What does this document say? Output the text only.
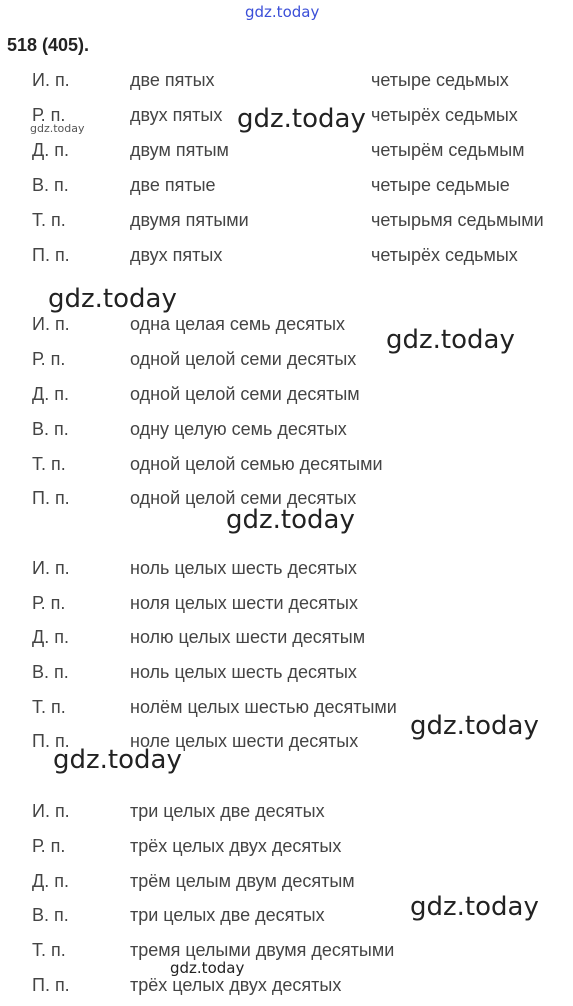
gdz.today
518 (405).
И. п.	две пятых	четыре седьмых
Р. п.	двух пятых	четырёх седьмых
Д. п.	двум пятым	четырём седьмым
В. п.	две пятые	четыре седьмые
Т. п.	двумя пятыми	четырьмя седьмыми
П. п.	двух пятых	четырёх седьмых
И. п.	одна целая семь десятых
Р. п.	одной целой семи десятых
Д. п.	одной целой семи десятым
В. п.	одну целую семь десятых
Т. п.	одной целой семью десятыми
П. п.	одной целой семи десятых
И. п.	ноль целых шесть десятых
Р. п.	ноля целых шести десятых
Д. п.	нолю целых шести десятым
В. п.	ноль целых шесть десятых
Т. п.	нолём целых шестью десятыми
П. п.	ноле целых шести десятых
И. п.	три целых две десятых
Р. п.	трёх целых двух десятых
Д. п.	трём целым двум десятым
В. п.	три целых две десятых
Т. п.	тремя целыми двумя десятыми
П. п.	трёх целых двух десятых
gdz.today
gdz.today
gdz.today
gdz.today
gdz.today
gdz.today
gdz.today
gdz.today
gdz.today
